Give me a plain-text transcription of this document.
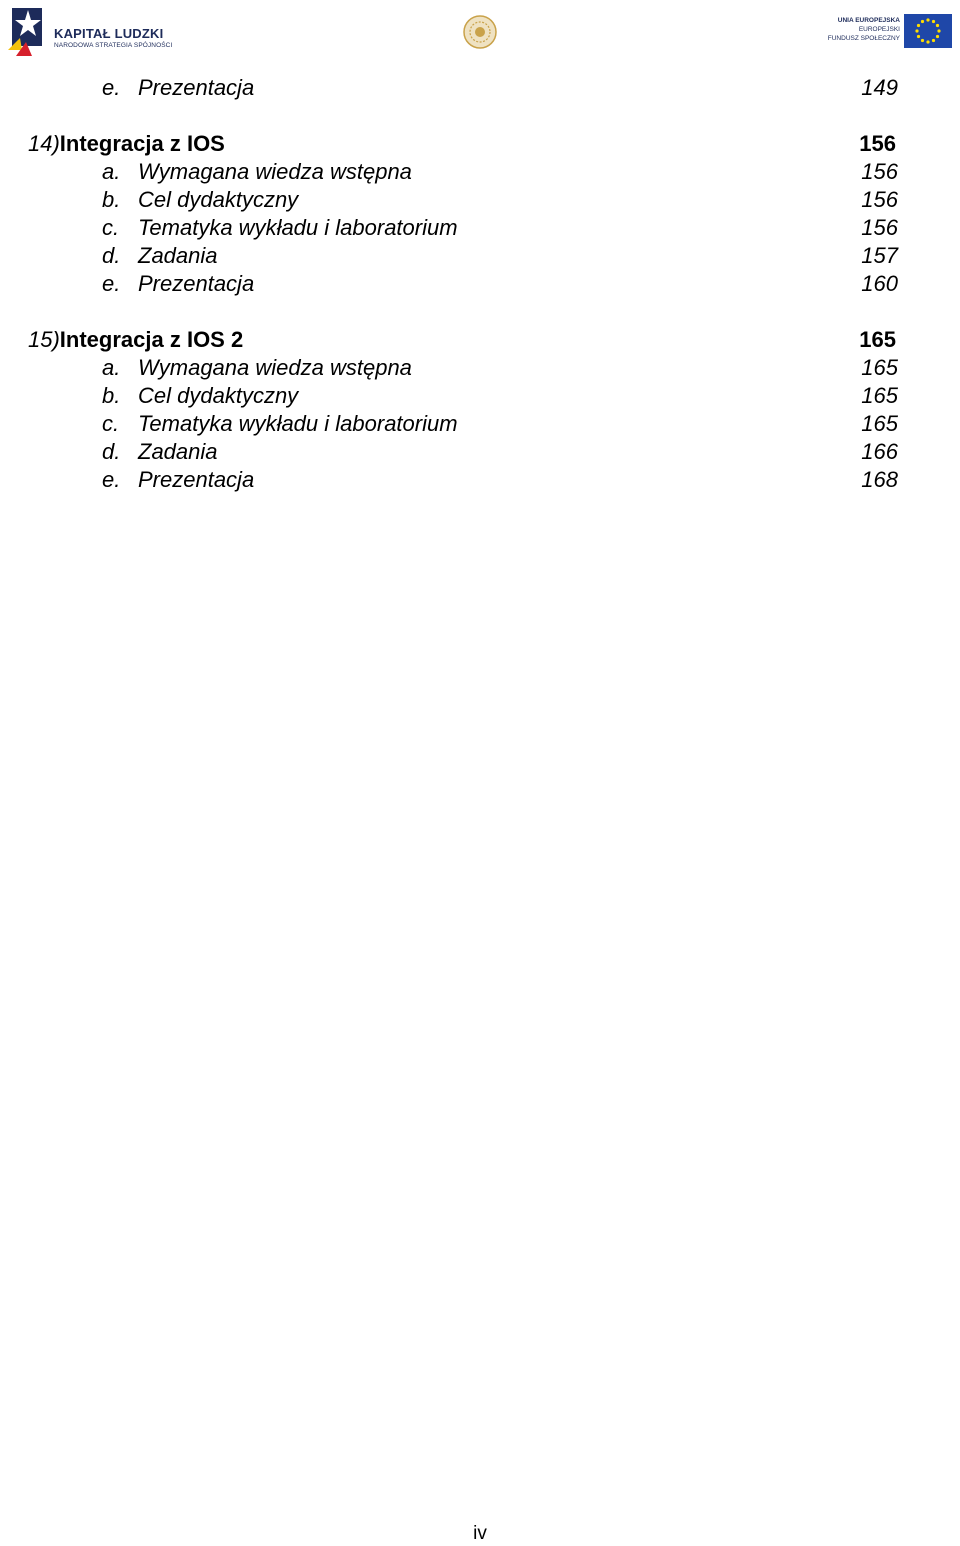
KAPITAŁ LUDZKI
NARODOWA STRATEGIA SPÓJNOŚCI
UNIA EUROPEJSKA
EUROPEJSKI
FUNDUSZ SPOŁECZNY
e. Prezentacja	149
14)Integracja z IOS	156
a. Wymagana wiedza wstępna	156
b. Cel dydaktyczny	156
c. Tematyka wykładu i laboratorium	156
d. Zadania	157
e. Prezentacja	160
15)Integracja z IOS 2	165
a. Wymagana wiedza wstępna	165
b. Cel dydaktyczny	165
c. Tematyka wykładu i laboratorium	165
d. Zadania	166
e. Prezentacja	168
iv
